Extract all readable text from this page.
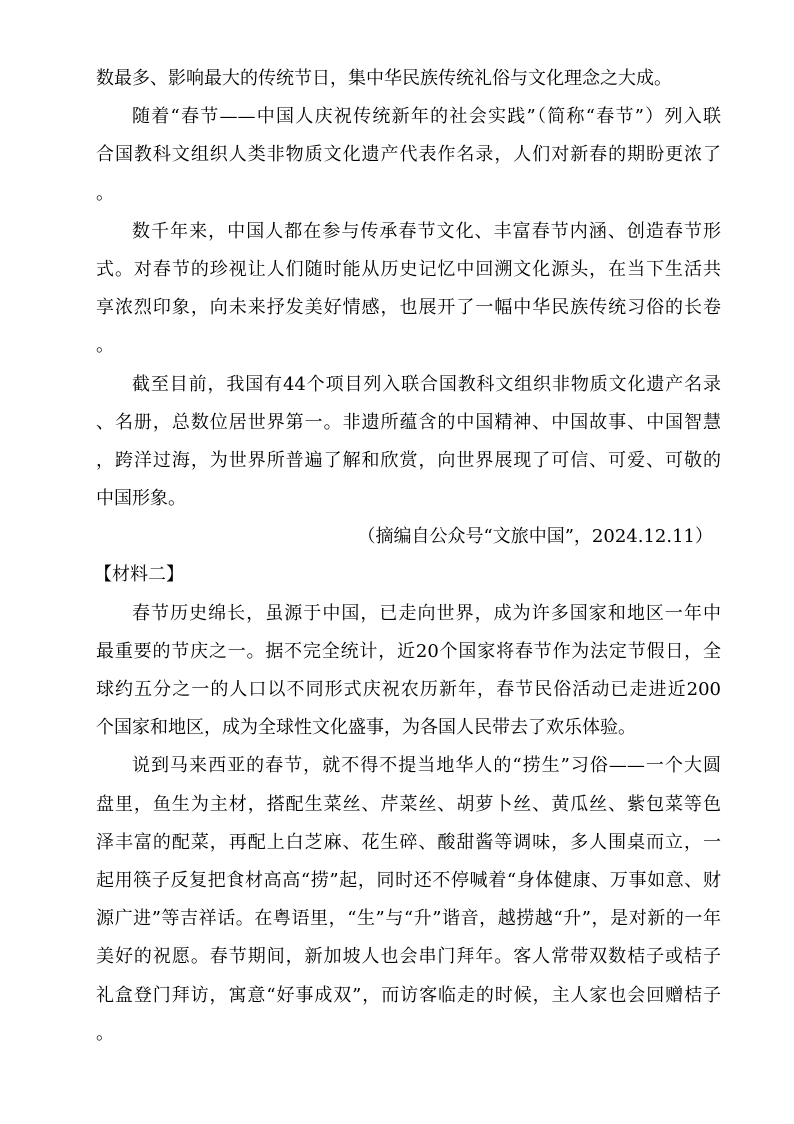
数最多、影响最大的传统节日，集中华民族传统礼俗与文化理念之大成。
随着“春节——中国人庆祝传统新年的社会实践”（简称“春节”）列入联
合国教科文组织人类非物质文化遗产代表作名录，人们对新春的期盼更浓了
。
数千年来，中国人都在参与传承春节文化、丰富春节内涵、创造春节形
式。对春节的珍视让人们随时能从历史记忆中回溯文化源头，在当下生活共
享浓烈印象，向未来抒发美好情感，也展开了一幅中华民族传统习俗的长卷
。
截至目前，我国有44个项目列入联合国教科文组织非物质文化遗产名录
、名册，总数位居世界第一。非遗所蕴含的中国精神、中国故事、中国智慧
，跨洋过海，为世界所普遍了解和欣赏，向世界展现了可信、可爱、可敬的
中国形象。
（摘编自公众号“文旅中国”，2024.12.11）
【材料二】
春节历史绵长，虽源于中国，已走向世界，成为许多国家和地区一年中
最重要的节庆之一。据不完全统计，近20个国家将春节作为法定节假日，全
球约五分之一的人口以不同形式庆祝农历新年，春节民俗活动已走进近200
个国家和地区，成为全球性文化盛事，为各国人民带去了欢乐体验。
说到马来西亚的春节，就不得不提当地华人的“捞生”习俗——一个大圆
盘里，鱼生为主材，搭配生菜丝、芹菜丝、胡萝卜丝、黄瓜丝、紫包菜等色
泽丰富的配菜，再配上白芝麻、花生碎、酸甜酱等调味，多人围桌而立，一
起用筷子反复把食材高高“捞”起，同时还不停喊着“身体健康、万事如意、财
源广进”等吉祥话。在粤语里，“生”与“升”谐音，越捞越“升”，是对新的一年
美好的祝愿。春节期间，新加坡人也会串门拜年。客人常带双数桔子或桔子
礼盒登门拜访，寓意“好事成双”，而访客临走的时候，主人家也会回赠桔子
。
